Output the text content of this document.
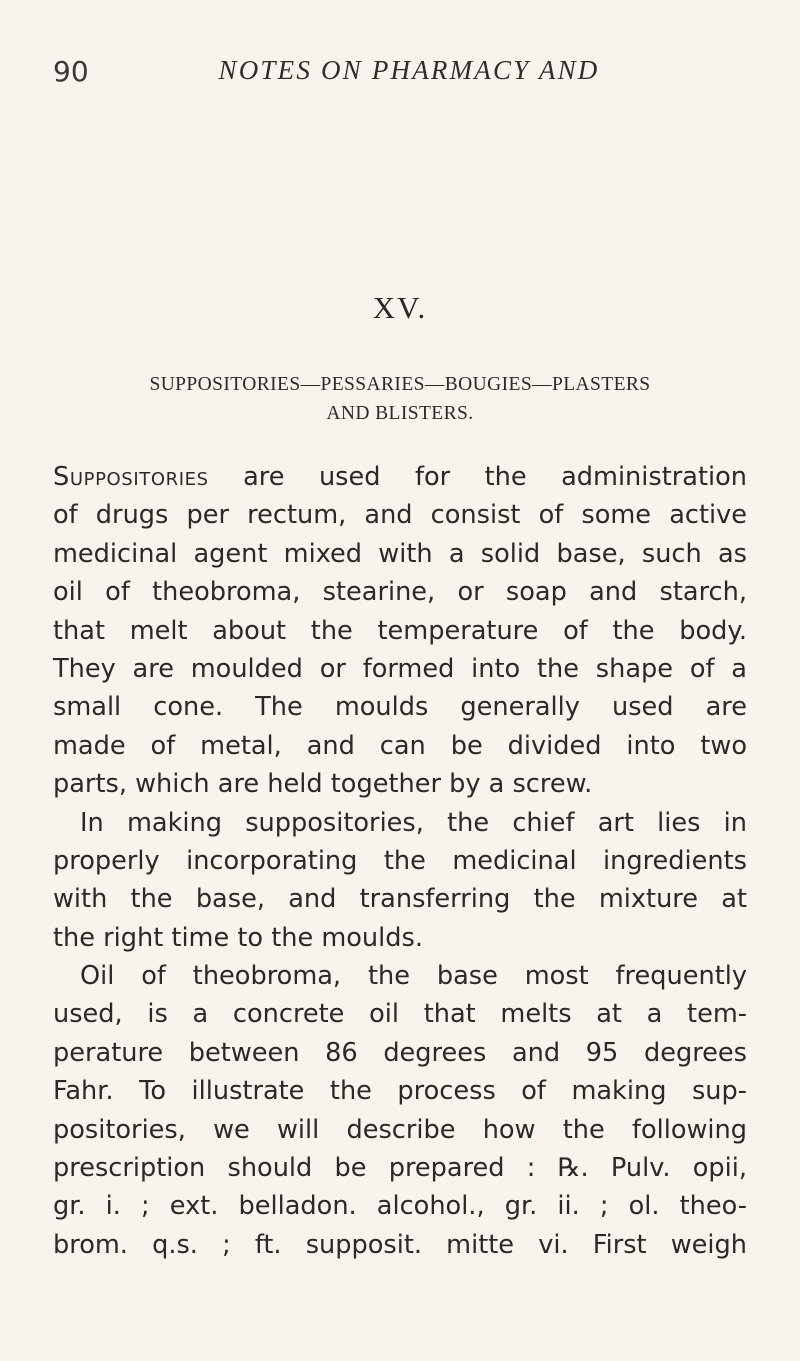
90	NOTES ON PHARMACY AND
XV.
SUPPOSITORIES—PESSARIES—BOUGIES—PLASTERS
AND BLISTERS.
Suppositories are used for the administration
of drugs per rectum, and consist of some active
medicinal agent mixed with a solid base, such as
oil of theobroma, stearine, or soap and starch,
that melt about the temperature of the body.
They are moulded or formed into the shape of a
small cone. The moulds generally used are
made of metal, and can be divided into two
parts, which are held together by a screw.
In making suppositories, the chief art lies in
properly incorporating the medicinal ingredients
with the base, and transferring the mixture at
the right time to the moulds.
Oil of theobroma, the base most frequently
used, is a concrete oil that melts at a tem-
perature between 86 degrees and 95 degrees
Fahr. To illustrate the process of making sup-
positories, we will describe how the following
prescription should be prepared : ℞. Pulv. opii,
gr. i. ; ext. belladon. alcohol., gr. ii. ; ol. theo-
brom. q.s. ; ft. supposit. mitte vi. First weigh
